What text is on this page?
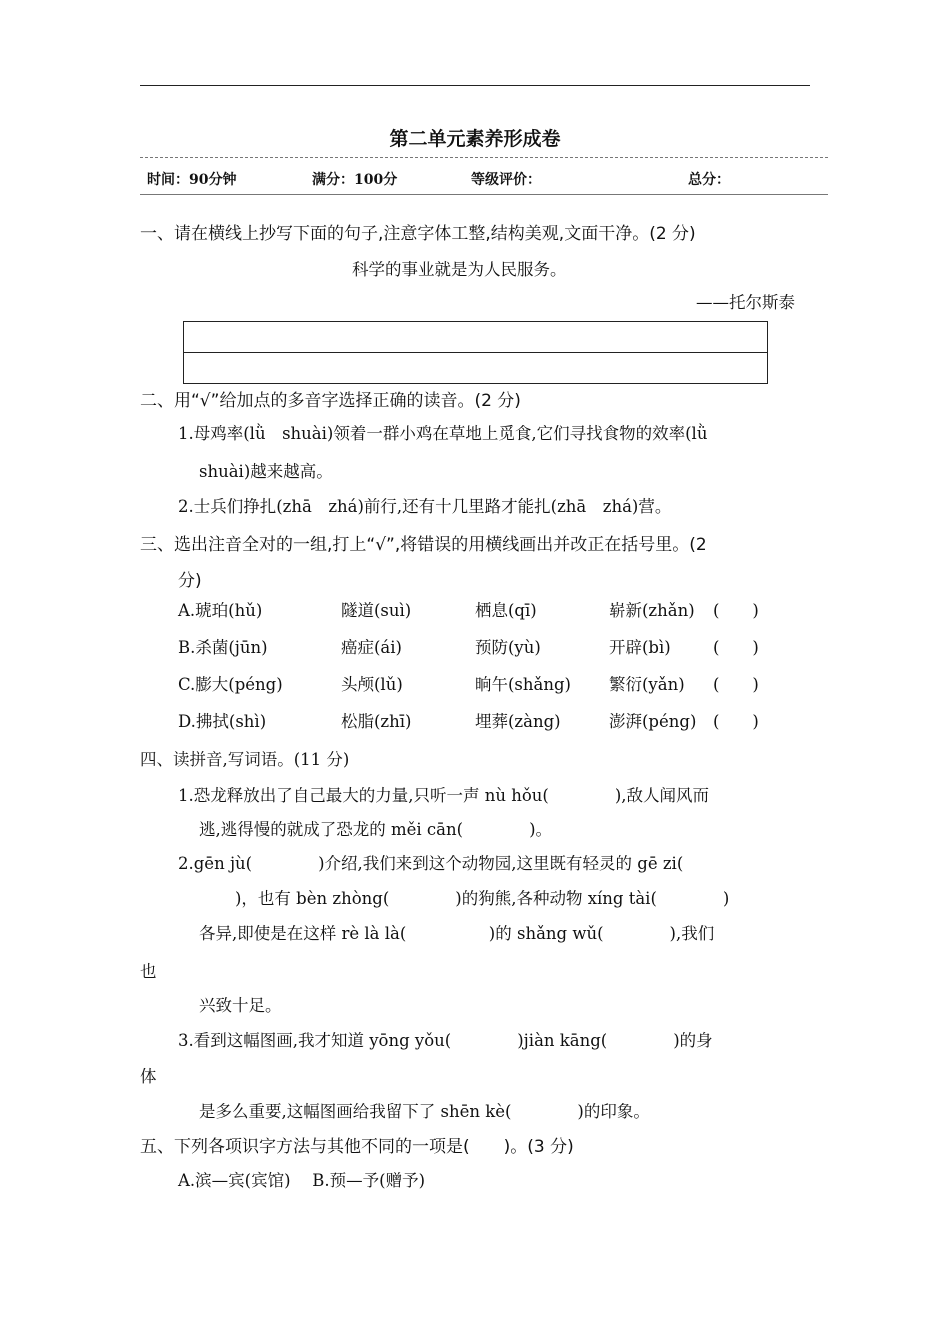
第二单元素养形成卷
时间：90分钟	满分：100分	等级评价：	总分：
一、请在横线上抄写下面的句子,注意字体工整,结构美观,文面干净。(2 分)
科学的事业就是为人民服务。
——托尔斯泰
二、用“√”给加点的多音字选择正确的读音。(2 分)
1.母鸡率(lǜ　shuài)领着一群小鸡在草地上觅食,它们寻找食物的效率(lǜ
shuài)越来越高。
2.士兵们挣扎(zhā　zhá)前行,还有十几里路才能扎(zhā　zhá)营。
三、选出注音全对的一组,打上“√”,将错误的用横线画出并改正在括号里。(2
分)
A.琥珀(hǔ)	隧道(suì)	栖息(qī)	崭新(zhǎn) (　　)
B.杀菌(jūn)	癌症(ái)	预防(yù)	开辟(bì)	(　　)
C.膨大(péng)	头颅(lǔ)	晌午(shǎng) 繁衍(yǎn) (　　)
D.拂拭(shì)	松脂(zhī)	埋葬(zàng)	澎湃(péng) (　　)
四、读拼音,写词语。(11 分)
1.恐龙释放出了自己最大的力量,只听一声 nù hǒu(　　　　),敌人闻风而
逃,逃得慢的就成了恐龙的 měi cān(　　　　)。
2.gēn jù(　　　　)介绍,我们来到这个动物园,这里既有轻灵的 gē zi(
)，也有 bèn zhòng(　　　　)的狗熊,各种动物 xíng tài(　　　　)
各异,即使是在这样 rè là là(　　　　　)的 shǎng wǔ(　　　　),我们
也
兴致十足。
3.看到这幅图画,我才知道 yōng yǒu(　　　　)jiàn kāng(　　　　)的身
体
是多么重要,这幅图画给我留下了 shēn kè(　　　　)的印象。
五、下列各项识字方法与其他不同的一项是(　　)。(3 分)
A.滨—宾(宾馆)　 B.预—予(赠予)
